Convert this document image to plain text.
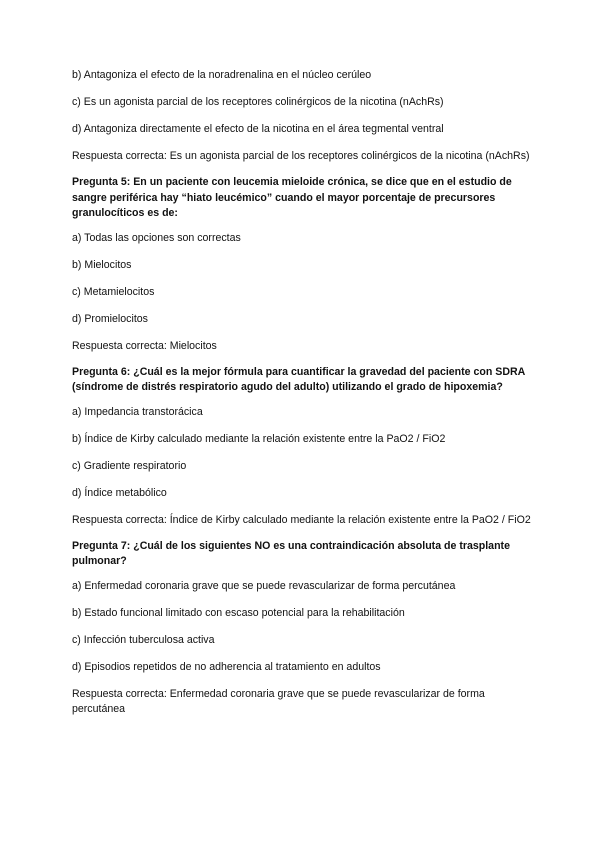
b) Antagoniza el efecto de la noradrenalina en el núcleo cerúleo
c) Es un agonista parcial de los receptores colinérgicos de la nicotina (nAchRs)
d) Antagoniza directamente el efecto de la nicotina en el área tegmental ventral
Respuesta correcta: Es un agonista parcial de los receptores colinérgicos de la nicotina (nAchRs)
Pregunta 5: En un paciente con leucemia mieloide crónica, se dice que en el estudio de sangre periférica hay “hiato leucémico” cuando el mayor porcentaje de precursores granulocíticos es de:
a) Todas las opciones son correctas
b) Mielocitos
c) Metamielocitos
d) Promielocitos
Respuesta correcta: Mielocitos
Pregunta 6: ¿Cuál es la mejor fórmula para cuantificar la gravedad del paciente con SDRA (síndrome de distrés respiratorio agudo del adulto) utilizando el grado de hipoxemia?
a) Impedancia transtorácica
b) Índice de Kirby calculado mediante la relación existente entre la PaO2 / FiO2
c) Gradiente respiratorio
d) Índice metabólico
Respuesta correcta: Índice de Kirby calculado mediante la relación existente entre la PaO2 / FiO2
Pregunta 7: ¿Cuál de los siguientes NO es una contraindicación absoluta de trasplante pulmonar?
a) Enfermedad coronaria grave que se puede revascularizar de forma percutánea
b) Estado funcional limitado con escaso potencial para la rehabilitación
c) Infección tuberculosa activa
d) Episodios repetidos de no adherencia al tratamiento en adultos
Respuesta correcta: Enfermedad coronaria grave que se puede revascularizar de forma percutánea
